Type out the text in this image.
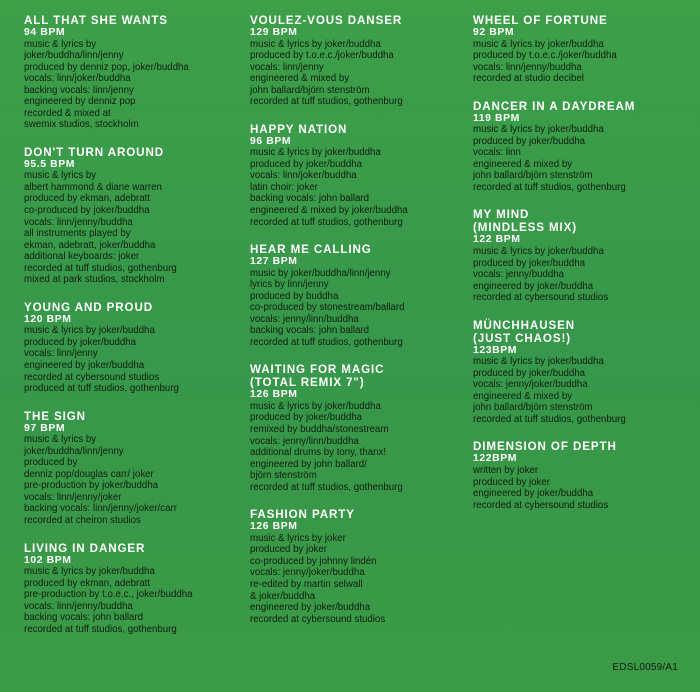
ALL THAT SHE WANTS
94 BPM
music & lyrics by
joker/buddha/linn/jenny
produced by denniz pop, joker/buddha
vocals: linn/joker/buddha
backing vocals: linn/jenny
engineered by denniz pop
recorded & mixed at
swemix studios, stockholm
DON'T TURN AROUND
95.5 BPM
music & lyrics by
albert hammond & diane warren
produced by ekman, adebratt
co-produced by joker/buddha
vocals: linn/jenny/buddha
all instruments played by
ekman, adebratt, joker/buddha
additional keyboards: joker
recorded at tuff studios, gothenburg
mixed at park studios, stockholm
YOUNG AND PROUD
120 BPM
music & lyrics by joker/buddha
produced by joker/buddha
vocals: linn/jenny
engineered by joker/buddha
recorded at cybersound studios
produced at tuff studios, gothenburg
THE SIGN
97 BPM
music & lyrics by
joker/buddha/linn/jenny
produced by
denniz pop/douglas carr/ joker
pre-production by joker/buddha
vocals: linn/jenny/joker
backing vocals: linn/jenny/joker/carr
recorded at cheiron studios
LIVING IN DANGER
102 BPM
music & lyrics by joker/buddha
produced by ekman, adebratt
pre-production by t.o.e.c., joker/buddha
vocals: linn/jenny/buddha
backing vocals: john ballard
recorded at tuff studios, gothenburg
VOULEZ-VOUS DANSER
129 BPM
music & lyrics by joker/buddha
produced by t.o.e.c./joker/buddha
vocals: linn/jenny
engineered & mixed by
john ballard/björn stenström
recorded at tuff studios, gothenburg
HAPPY NATION
96 BPM
music & lyrics by joker/buddha
produced by joker/buddha
vocals: linn/joker/buddha
latin choir: joker
backing vocals: john ballard
engineered & mixed by joker/buddha
recorded at tuff studios, gothenburg
HEAR ME CALLING
127 BPM
music by joker/buddha/linn/jenny
lyrics by linn/jenny
produced by buddha
co-produced by stonestream/ballard
vocals: jenny/linn/buddha
backing vocals: john ballard
recorded at tuff studios, gothenburg
WAITING FOR MAGIC
(TOTAL REMIX 7")
126 BPM
music & lyrics by joker/buddha
produced by joker/buddha
remixed by buddha/stonestream
vocals: jenny/linn/buddha
additional drums by tony, thanx!
engineered by john ballard/
björn stenström
recorded at tuff studios, gothenburg
FASHION PARTY
126 BPM
music & lyrics by joker
produced by joker
co-produced by johnny lindén
vocals: jenny/joker/buddha
re-edited by martin selwall
& joker/buddha
engineered by joker/buddha
recorded at cybersound studios
WHEEL OF FORTUNE
92 BPM
music & lyrics by joker/buddha
produced by t.o.e.c./joker/buddha
vocals: linn/jenny/buddha
recorded at studio decibel
DANCER IN A DAYDREAM
119 BPM
music & lyrics by joker/buddha
produced by joker/buddha
vocals: linn
engineered & mixed by
john ballard/björn stenström
recorded at tuff studios, gothenburg
MY MIND
(MINDLESS MIX)
122 BPM
music & lyrics by joker/buddha
produced by joker/buddha
vocals: jenny/buddha
engineered by joker/buddha
recorded at cybersound studios
MÜNCHHAUSEN
(JUST CHAOS!)
123BPM
music & lyrics by joker/buddha
produced by joker/buddha
vocals: jenny/joker/buddha
engineered & mixed by
john ballard/björn stenström
recorded at tuff studios, gothenburg
DIMENSION OF DEPTH
122BPM
written by joker
produced by joker
engineered by joker/buddha
recorded at cybersound studios
EDSL0059/A1
